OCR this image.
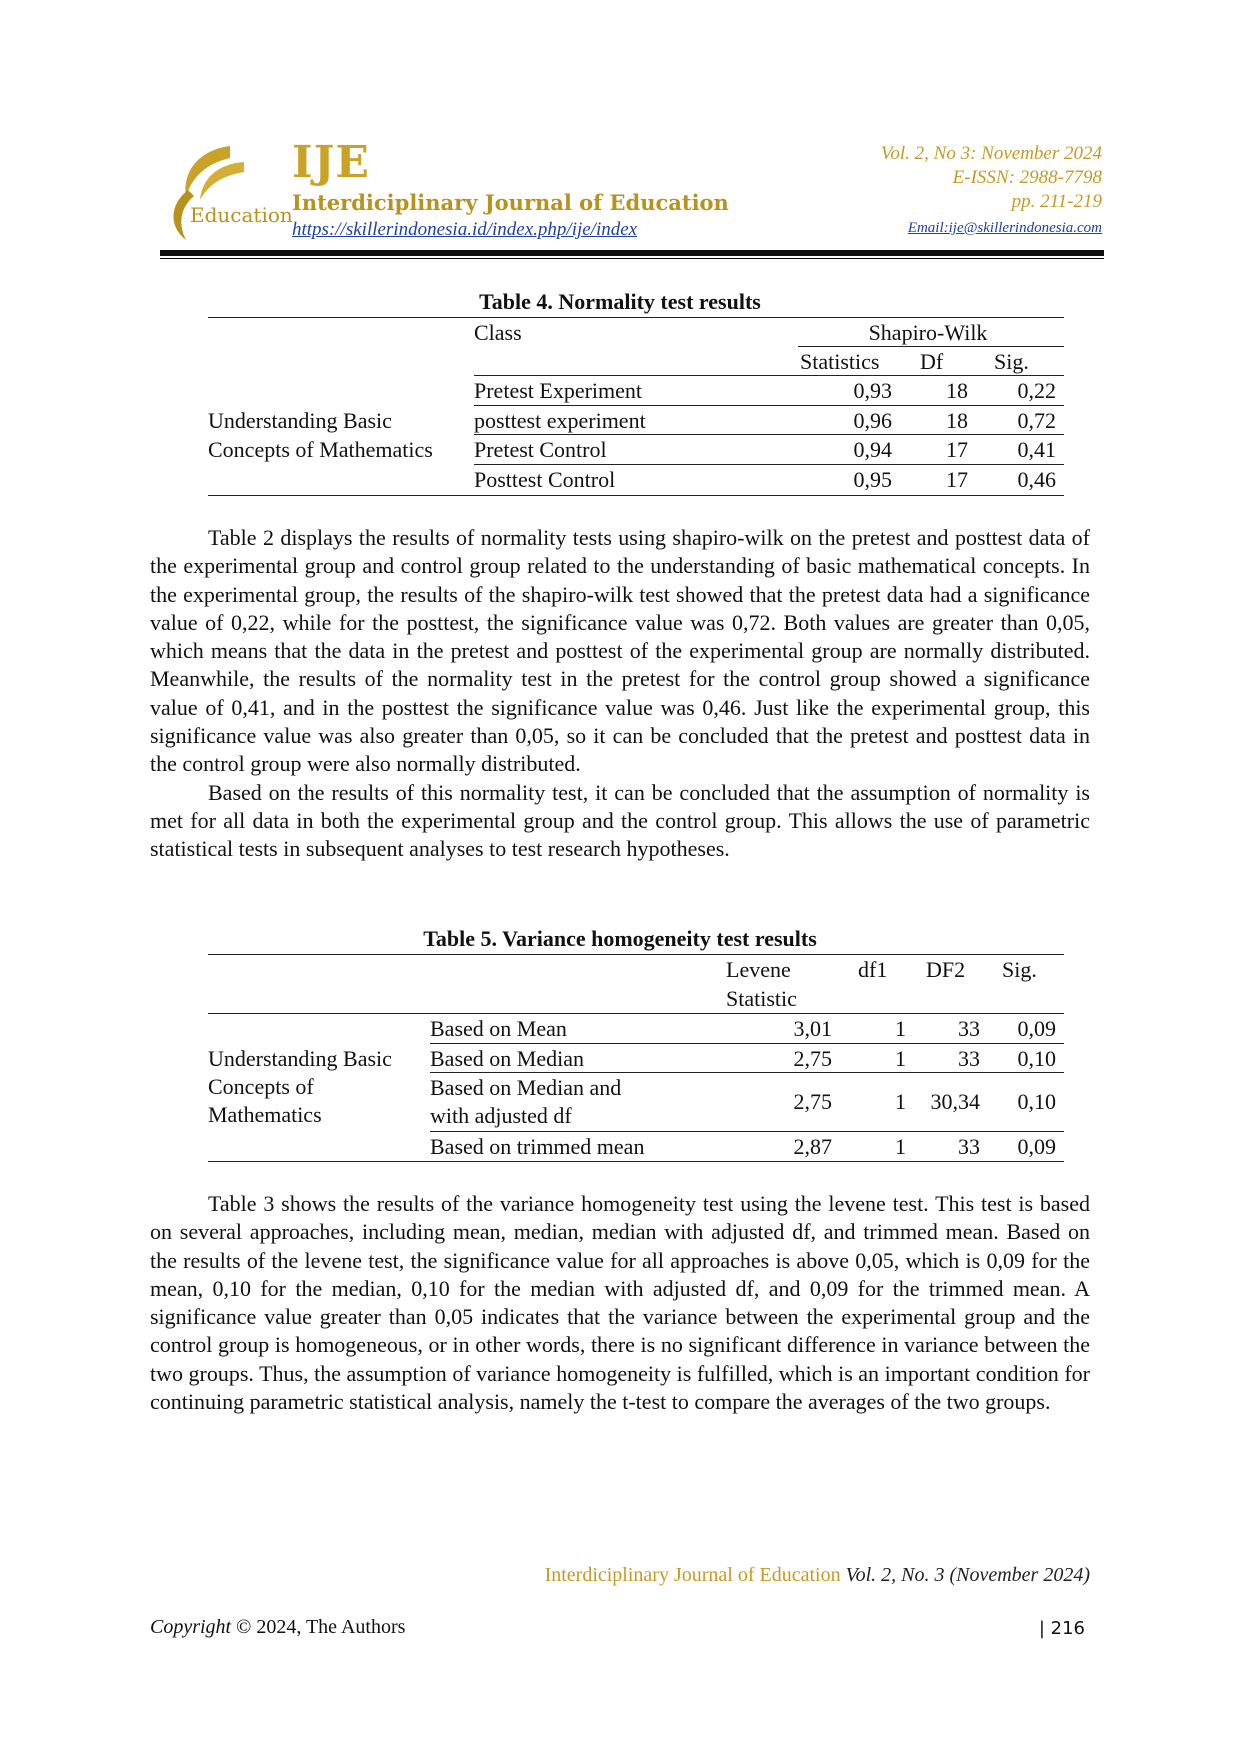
Education
IJE
Interdiciplinary Journal of Education
https://skillerindonesia.id/index.php/ije/index
Vol. 2, No 3: November 2024
E-ISSN: 2988-7798
pp. 211-219
Email:ije@skillerindonesia.com
Table 4. Normality test results
Class	Shapiro-Wilk
Statistics Df Sig.
Understanding Basic
Concepts of Mathematics
Pretest Experiment	0,93	18	0,22
posttest experiment	0,96	18	0,72
Pretest Control	0,94	17	0,41
Posttest Control	0,95	17	0,46

Table 2 displays the results of normality tests using shapiro-wilk on the pretest and posttest data of the experimental group and control group related to the understanding of basic mathematical concepts. In the experimental group, the results of the shapiro-wilk test showed that the pretest data had a significance value of 0,22, while for the posttest, the significance value was 0,72. Both values are greater than 0,05, which means that the data in the pretest and posttest of the experimental group are normally distributed. Meanwhile, the results of the normality test in the pretest for the control group showed a significance value of 0,41, and in the posttest the significance value was 0,46. Just like the experimental group, this significance value was also greater than 0,05, so it can be concluded that the pretest and posttest data in the control group were also normally distributed.

Based on the results of this normality test, it can be concluded that the assumption of normality is met for all data in both the experimental group and the control group. This allows the use of parametric statistical tests in subsequent analyses to test research hypotheses.

Table 5. Variance homogeneity test results
Levene
Statistic
df1 DF2 Sig.
Understanding Basic
Concepts of
Mathematics
Based on Mean	3,01	1	33	0,09
Based on Median	2,75	1	33	0,10
Based on Median and
with adjusted df
2,75	1	30,34	0,10
Based on trimmed mean	2,87	1	33	0,09

Table 3 shows the results of the variance homogeneity test using the levene test. This test is based on several approaches, including mean, median, median with adjusted df, and trimmed mean. Based on the results of the levene test, the significance value for all approaches is above 0,05, which is 0,09 for the mean, 0,10 for the median, 0,10 for the median with adjusted df, and 0,09 for the trimmed mean. A significance value greater than 0,05 indicates that the variance between the experimental group and the control group is homogeneous, or in other words, there is no significant difference in variance between the two groups. Thus, the assumption of variance homogeneity is fulfilled, which is an important condition for continuing parametric statistical analysis, namely the t-test to compare the averages of the two groups.

Interdiciplinary Journal of Education Vol. 2, No. 3 (November 2024)
Copyright © 2024, The Authors	| 216
